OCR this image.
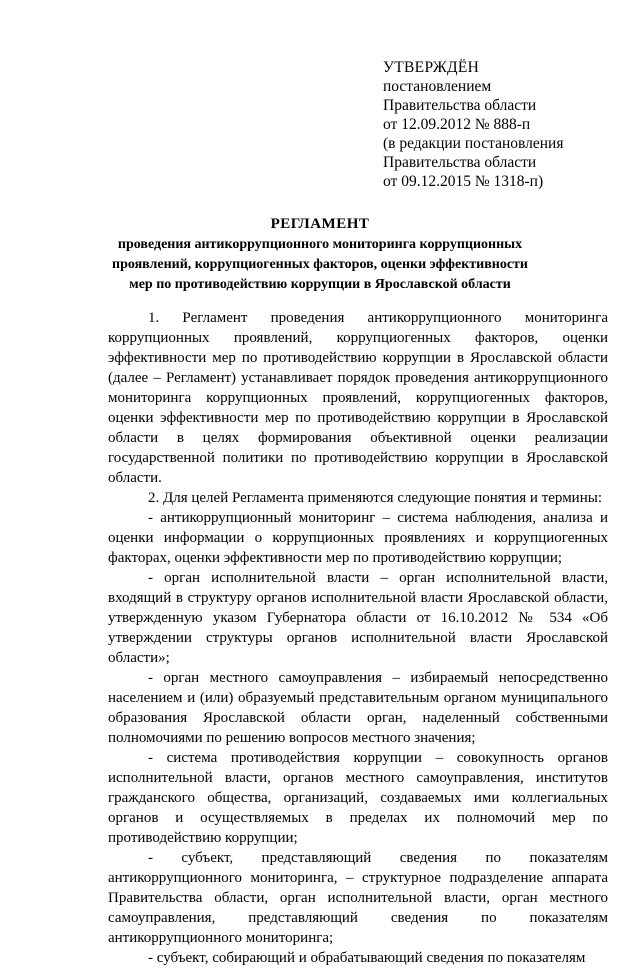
УТВЕРЖДЁН
постановлением
Правительства области
от 12.09.2012 № 888-п
(в редакции постановления
Правительства области
от 09.12.2015 № 1318-п)
РЕГЛАМЕНТ
проведения антикоррупционного мониторинга коррупционных проявлений, коррупциогенных факторов, оценки эффективности мер по противодействию коррупции в Ярославской области

1. Регламент проведения антикоррупционного мониторинга коррупционных проявлений, коррупциогенных факторов, оценки эффективности мер по противодействию коррупции в Ярославской области (далее – Регламент) устанавливает порядок проведения антикоррупционного мониторинга коррупционных проявлений, коррупциогенных факторов, оценки эффективности мер по противодействию коррупции в Ярославской области в целях формирования объективной оценки реализации государственной политики по противодействию коррупции в Ярославской области.

2. Для целей Регламента применяются следующие понятия и термины:

- антикоррупционный мониторинг – система наблюдения, анализа и оценки информации о коррупционных проявлениях и коррупциогенных факторах, оценки эффективности мер по противодействию коррупции;

- орган исполнительной власти – орган исполнительной власти, входящий в структуру органов исполнительной власти Ярославской области, утвержденную указом Губернатора области от 16.10.2012 № 534 «Об утверждении структуры органов исполнительной власти Ярославской области»;

- орган местного самоуправления – избираемый непосредственно населением и (или) образуемый представительным органом муниципального образования Ярославской области орган, наделенный собственными полномочиями по решению вопросов местного значения;

- система противодействия коррупции – совокупность органов исполнительной власти, органов местного самоуправления, институтов гражданского общества, организаций, создаваемых ими коллегиальных органов и осуществляемых в пределах их полномочий мер по противодействию коррупции;

- субъект, представляющий сведения по показателям антикоррупционного мониторинга, – структурное подразделение аппарата Правительства области, орган исполнительной власти, орган местного самоуправления, представляющий сведения по показателям антикоррупционного мониторинга;

- субъект, собирающий и обрабатывающий сведения по показателям
